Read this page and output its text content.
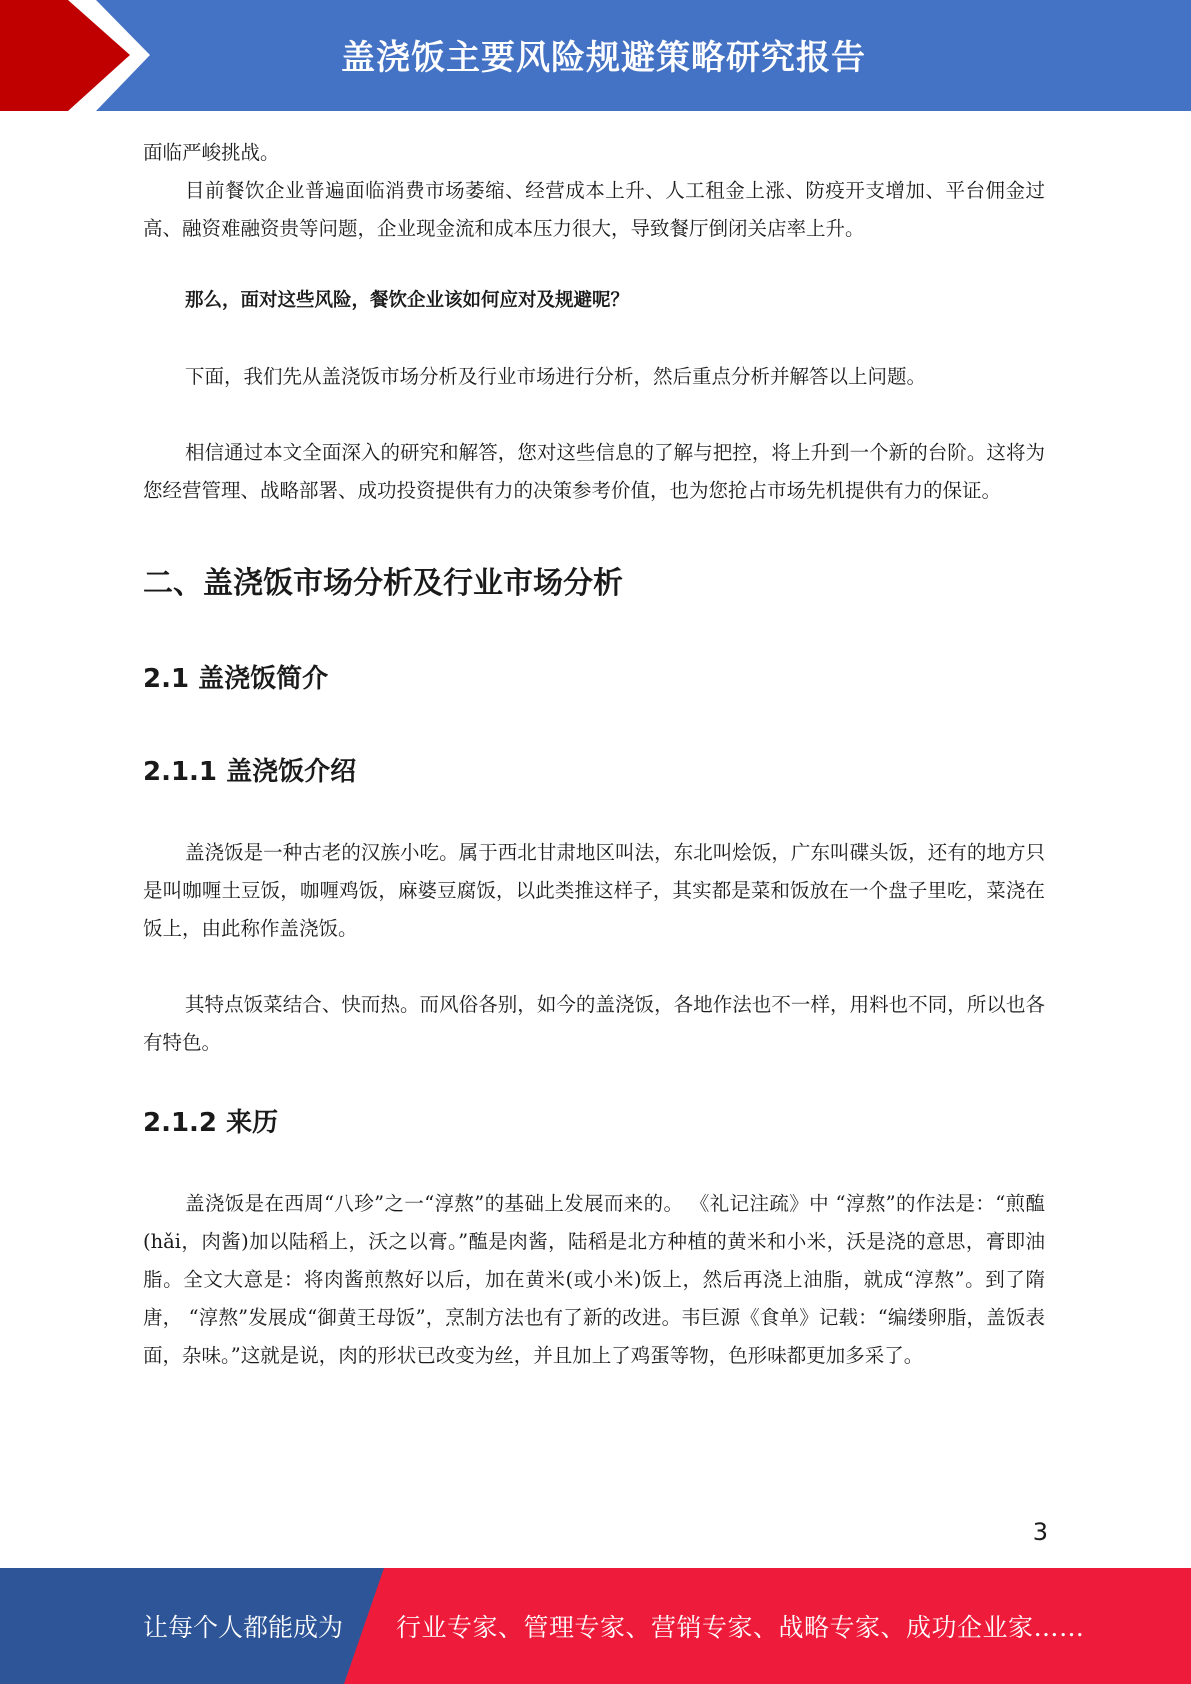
盖浇饭主要风险规避策略研究报告

面临严峻挑战。

目前餐饮企业普遍面临消费市场萎缩、经营成本上升、人工租金上涨、防疫开支增加、平台佣金过高、融资难融资贵等问题，企业现金流和成本压力很大，导致餐厅倒闭关店率上升。

那么，面对这些风险，餐饮企业该如何应对及规避呢？

下面，我们先从盖浇饭市场分析及行业市场进行分析，然后重点分析并解答以上问题。

相信通过本文全面深入的研究和解答，您对这些信息的了解与把控，将上升到一个新的台阶。这将为您经营管理、战略部署、成功投资提供有力的决策参考价值，也为您抢占市场先机提供有力的保证。

二、盖浇饭市场分析及行业市场分析
2.1 盖浇饭简介
2.1.1 盖浇饭介绍

盖浇饭是一种古老的汉族小吃。属于西北甘肃地区叫法，东北叫烩饭，广东叫碟头饭，还有的地方只是叫咖喱土豆饭，咖喱鸡饭，麻婆豆腐饭，以此类推这样子，其实都是菜和饭放在一个盘子里吃，菜浇在饭上，由此称作盖浇饭。

其特点饭菜结合、快而热。而风俗各别，如今的盖浇饭，各地作法也不一样，用料也不同，所以也各有特色。

2.1.2 来历

盖浇饭是在西周“八珍”之一“淳熬”的基础上发展而来的。 《礼记注疏》中 “淳熬”的作法是：“煎醢(hǎi，肉酱)加以陆稻上，沃之以膏。”醢是肉酱，陆稻是北方种植的黄米和小米，沃是浇的意思，膏即油脂。全文大意是：将肉酱煎熬好以后，加在黄米(或小米)饭上，然后再浇上油脂，就成“淳熬”。到了隋唐， “淳熬”发展成“御黄王母饭”，烹制方法也有了新的改进。韦巨源《食单》记载：“编缕卵脂，盖饭表面，杂味。”这就是说，肉的形状已改变为丝，并且加上了鸡蛋等物，色形味都更加多采了。

3
让每个人都能成为 行业专家、管理专家、营销专家、战略专家、成功企业家……
